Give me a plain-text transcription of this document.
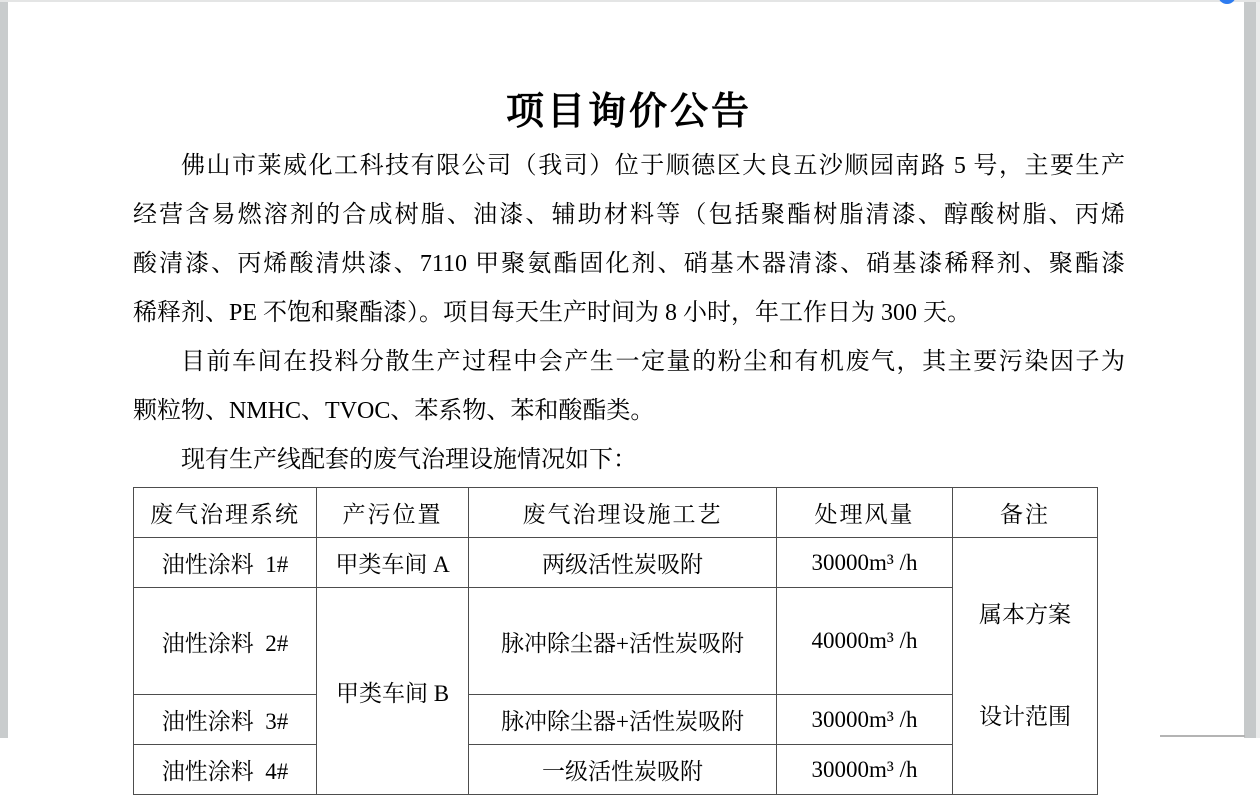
项目询价公告
佛山市莱威化工科技有限公司（我司）位于顺德区大良五沙顺园南路 5 号，主要生产
经营含易燃溶剂的合成树脂、油漆、辅助材料等（包括聚酯树脂清漆、醇酸树脂、丙烯
酸清漆、丙烯酸清烘漆、7110 甲聚氨酯固化剂、硝基木器清漆、硝基漆稀释剂、聚酯漆
稀释剂、PE 不饱和聚酯漆）。项目每天生产时间为 8 小时，年工作日为 300 天。
目前车间在投料分散生产过程中会产生一定量的粉尘和有机废气，其主要污染因子为
颗粒物、NMHC、TVOC、苯系物、苯和酸酯类。
现有生产线配套的废气治理设施情况如下：
废气治理系统	产污位置	废气治理设施工艺	处理风量	备注
油性涂料  1#	甲类车间 A	两级活性炭吸附	30000m³ /h	属本方案

设计范围

油性涂料  2#	甲类车间 B	脉冲除尘器+活性炭吸附	40000m³ /h	
油性涂料  3#		脉冲除尘器+活性炭吸附	30000m³ /h	
油性涂料  4#		一级活性炭吸附	30000m³ /h	
